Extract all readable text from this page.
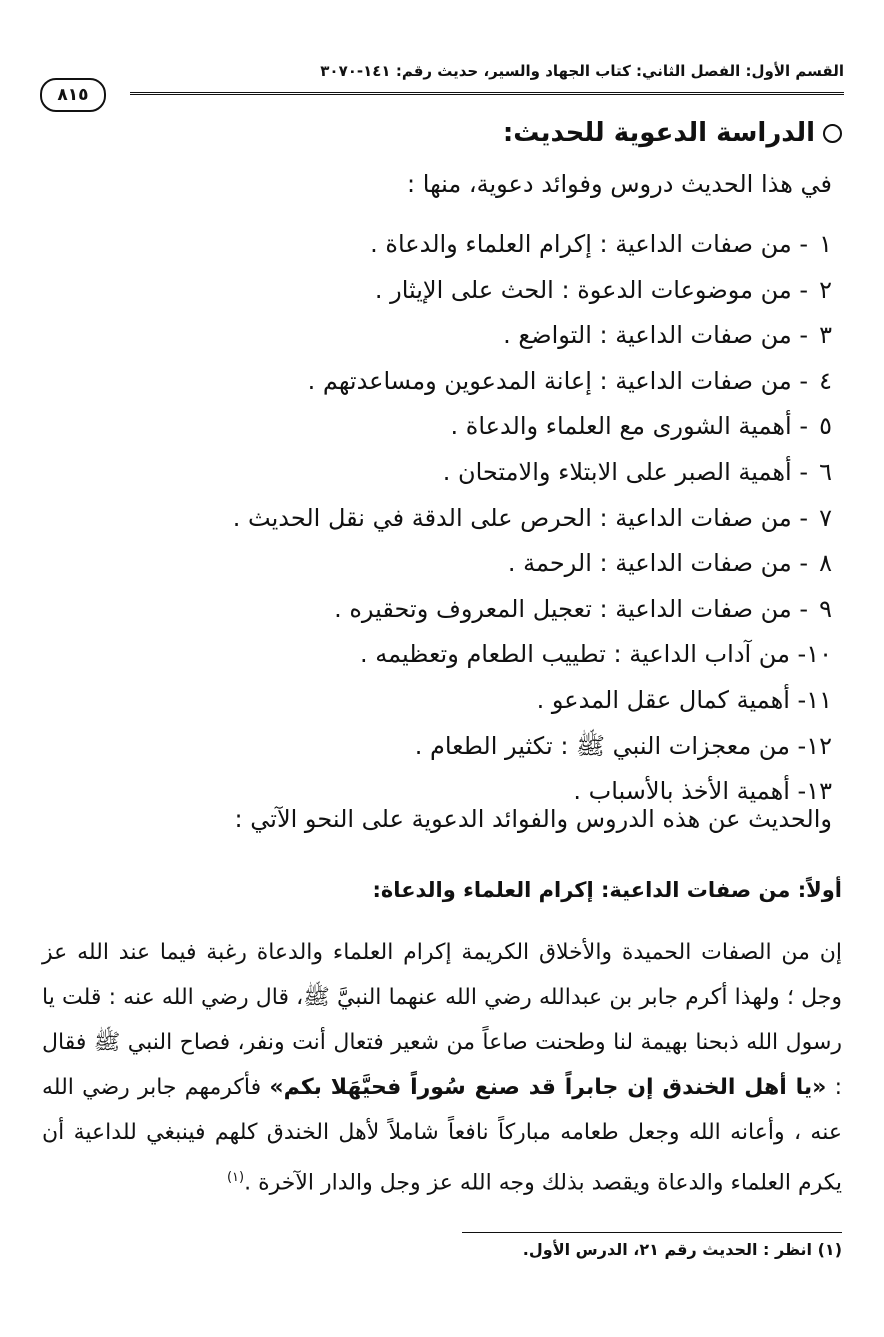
القسم الأول: الفصل الثاني: كتاب الجهاد والسير، حديث رقم: ١٤١-٣٠٧٠
٨١٥
الدراسة الدعوية للحديث:
في هذا الحديث دروس وفوائد دعوية، منها :
١- من صفات الداعية : إكرام العلماء والدعاة .
٢- من موضوعات الدعوة : الحث على الإيثار .
٣- من صفات الداعية : التواضع .
٤- من صفات الداعية : إعانة المدعوين ومساعدتهم .
٥- أهمية الشورى مع العلماء والدعاة .
٦- أهمية الصبر على الابتلاء والامتحان .
٧- من صفات الداعية : الحرص على الدقة في نقل الحديث .
٨- من صفات الداعية : الرحمة .
٩- من صفات الداعية : تعجيل المعروف وتحقيره .
١٠- من آداب الداعية : تطييب الطعام وتعظيمه .
١١- أهمية كمال عقل المدعو .
١٢- من معجزات النبي ﷺ : تكثير الطعام .
١٣- أهمية الأخذ بالأسباب .
والحديث عن هذه الدروس والفوائد الدعوية على النحو الآتي :
أولاً: من صفات الداعية: إكرام العلماء والدعاة:
إن من الصفات الحميدة والأخلاق الكريمة إكرام العلماء والدعاة رغبة فيما عند الله عز وجل ؛ ولهذا أكرم جابر بن عبدالله رضي الله عنهما النبيَّ ﷺ، قال رضي الله عنه : قلت يا رسول الله ذبحنا بهيمة لنا وطحنت صاعاً من شعير فتعال أنت ونفر، فصاح النبي ﷺ فقال : «يا أهل الخندق إن جابراً قد صنع سُوراً فحيَّهَلا بكم» فأكرمهم جابر رضي الله عنه ، وأعانه الله وجعل طعامه مباركاً نافعاً شاملاً لأهل الخندق كلهم فينبغي للداعية أن يكرم العلماء والدعاة ويقصد بذلك وجه الله عز وجل والدار الآخرة .$^{(١)}$
(١) انظر : الحديث رقم ٢١، الدرس الأول.
